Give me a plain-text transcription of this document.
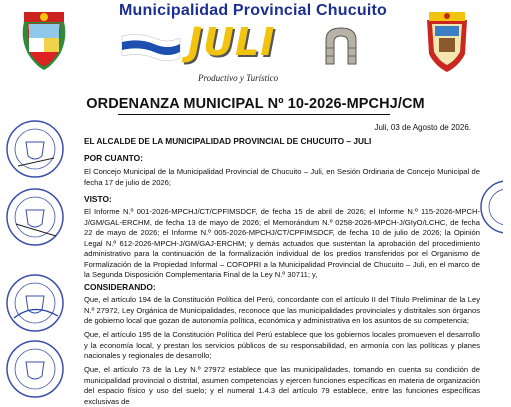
Municipalidad Provincial Chucuito
JULI
Productivo y Turístico
ORDENANZA MUNICIPAL Nº 10-2026-MPCHJ/CM
Juli, 03 de Agosto de 2026.
EL ALCALDE DE LA MUNICIPALIDAD PROVINCIAL DE CHUCUITO – JULI
POR CUANTO:
El Concejo Municipal de la Municipalidad Provincial de Chucuito – Juli, en Sesión Ordinaria de Concejo Municipal de fecha 17 de julio de 2026;
VISTO:
El Informe N.º 001-2026-MPCHJ/CT/CPFIMSDCF, de fecha 15 de abril de 2026; el Informe N.º 115-2026-MPCH-J/GM/GAL-ERCHM, de fecha 13 de mayo de 2026; el Memorándum N.º 0258-2026-MPCH-J/GIyO/LCHC, de fecha 22 de mayo de 2026; el Informe N.º 005-2026-MPCHJ/CT/CPFIMSDCF, de fecha 10 de julio de 2026; la Opinión Legal N.º 612-2026-MPCH-J/GM/GAJ-ERCHM; y demás actuados que sustentan la aprobación del procedimiento administrativo para la continuación de la formalización individual de los predios transferidos por el Organismo de Formalización de la Propiedad Informal – COFOPRI a la Municipalidad Provincial de Chucuito – Juli, en el marco de la Segunda Disposición Complementaria Final de la Ley N.º 30711; y,
CONSIDERANDO:
Que, el artículo 194 de la Constitución Política del Perú, concordante con el artículo II del Título Preliminar de la Ley N.º 27972, Ley Orgánica de Municipalidades, reconoce que las municipalidades provinciales y distritales son órganos de gobierno local que gozan de autonomía política, económica y administrativa en los asuntos de su competencia;
Que, el artículo 195 de la Constitución Política del Perú establece que los gobiernos locales promueven el desarrollo y la economía local, y prestan los servicios públicos de su responsabilidad, en armonía con las políticas y planes nacionales y regionales de desarrollo;
Que, el artículo 73 de la Ley N.º 27972 establece que las municipalidades, tomando en cuenta su condición de municipalidad provincial o distrital, asumen competencias y ejercen funciones específicas en materia de organización del espacio físico y uso del suelo; y el numeral 1.4.3 del artículo 79 establece, entre las funciones específicas exclusivas de
